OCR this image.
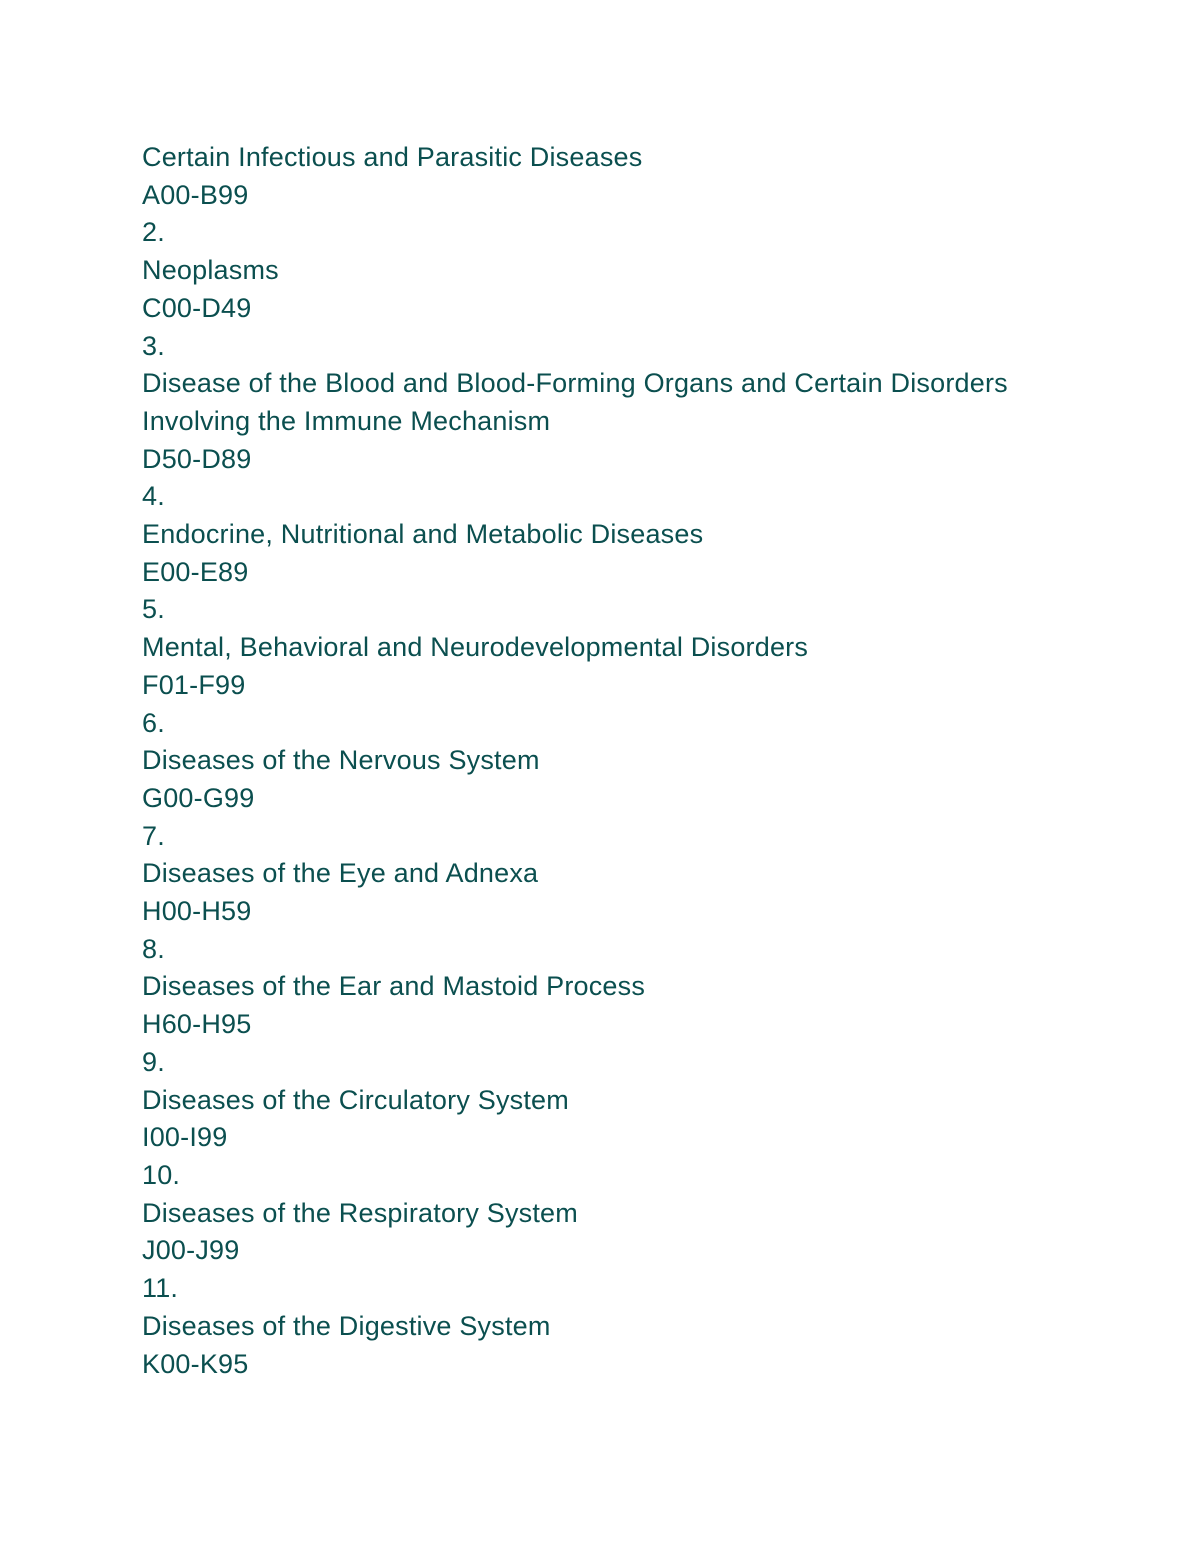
Certain Infectious and Parasitic Diseases
A00-B99
2.
Neoplasms
C00-D49
3.
Disease of the Blood and Blood-Forming Organs and Certain Disorders
Involving the Immune Mechanism
D50-D89
4.
Endocrine, Nutritional and Metabolic Diseases
E00-E89
5.
Mental, Behavioral and Neurodevelopmental Disorders
F01-F99
6.
Diseases of the Nervous System
G00-G99
7.
Diseases of the Eye and Adnexa
H00-H59
8.
Diseases of the Ear and Mastoid Process
H60-H95
9.
Diseases of the Circulatory System
I00-I99
10.
Diseases of the Respiratory System
J00-J99
11.
Diseases of the Digestive System
K00-K95
